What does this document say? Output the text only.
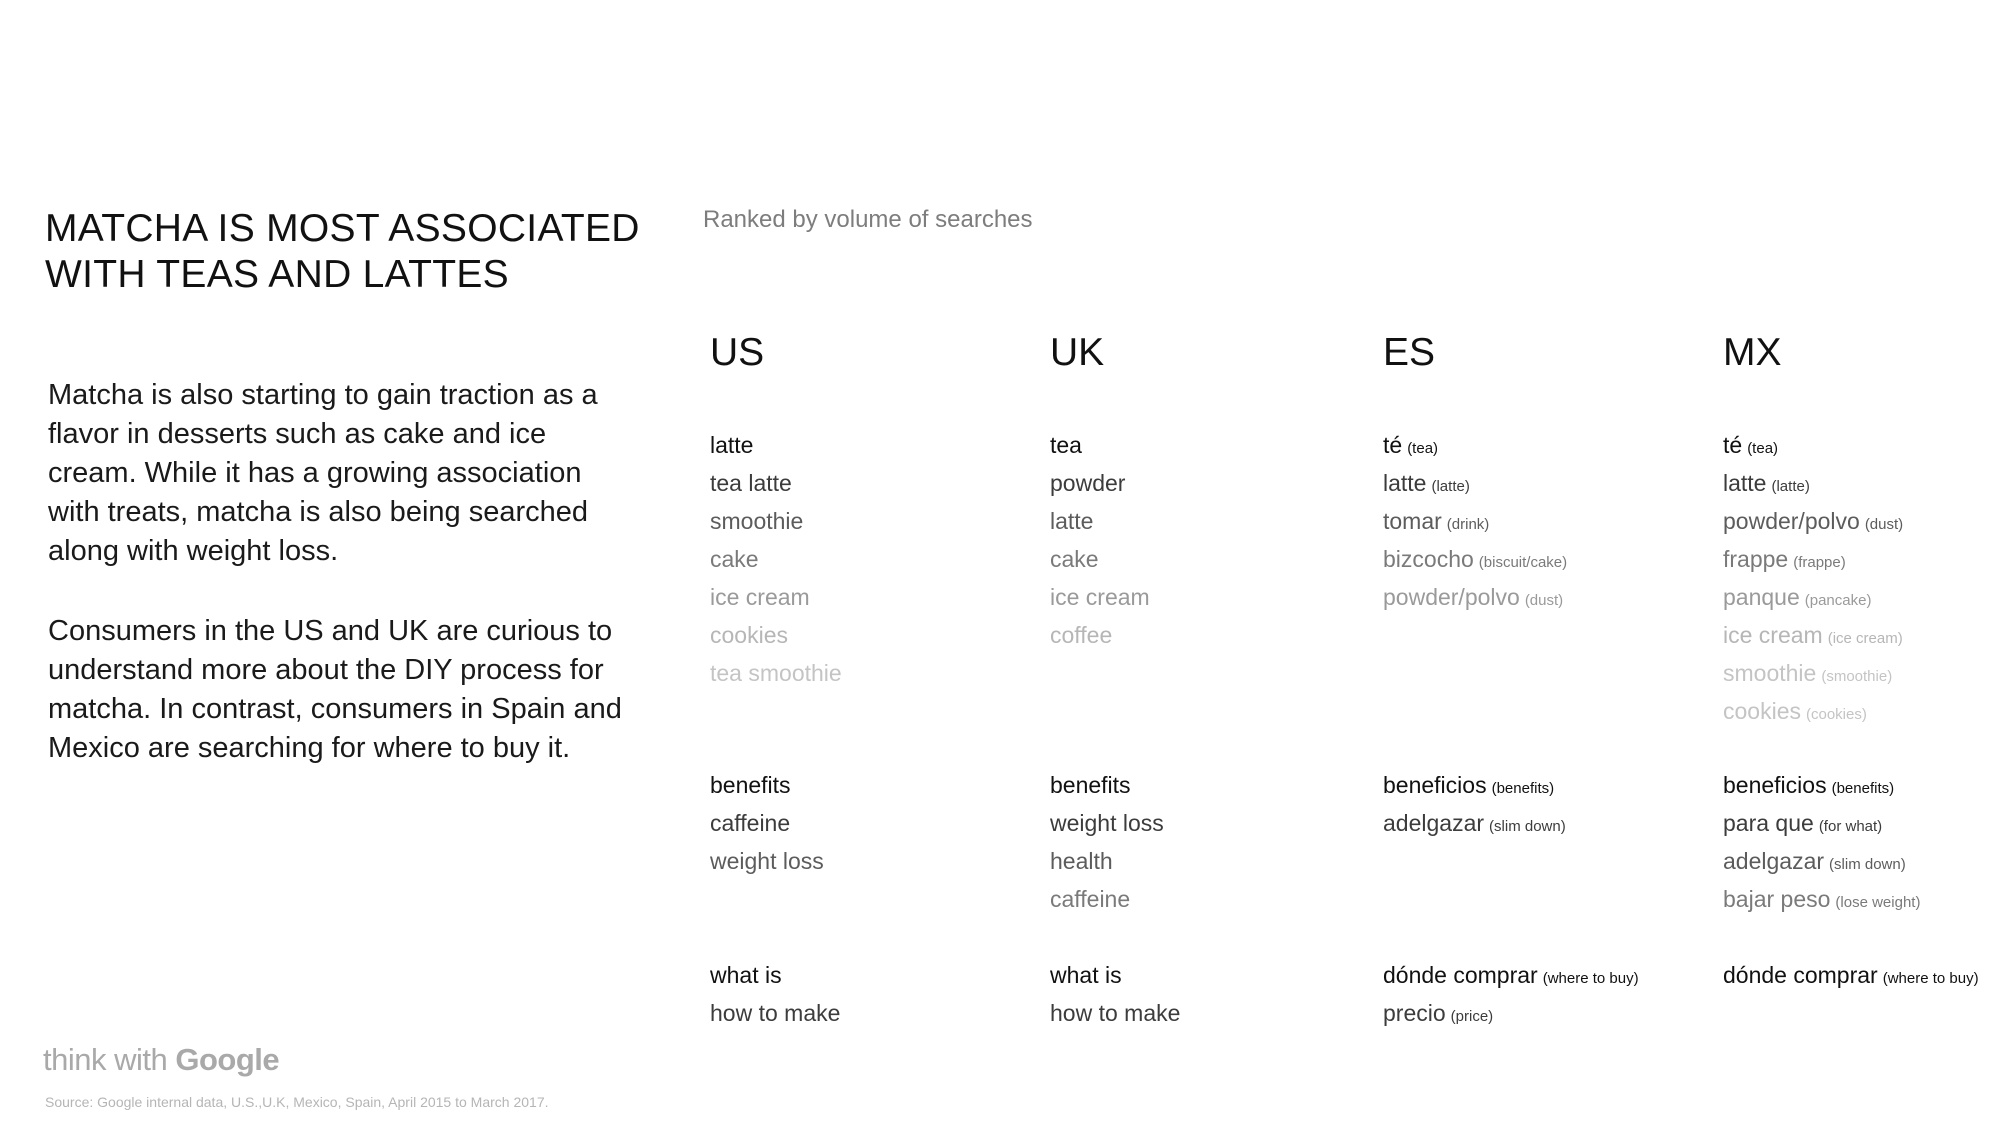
MATCHA IS MOST ASSOCIATED WITH TEAS AND LATTES
Ranked by volume of searches
Matcha is also starting to gain traction as a flavor in desserts such as cake and ice cream. While it has a growing association with treats, matcha is also being searched along with weight loss.
Consumers in the US and UK are curious to understand more about the DIY process for matcha. In contrast, consumers in Spain and Mexico are searching for where to buy it.
US
latte
tea latte
smoothie
cake
ice cream
cookies
tea smoothie
benefits
caffeine
weight loss
what is
how to make
UK
tea
powder
latte
cake
ice cream
coffee
benefits
weight loss
health
caffeine
what is
how to make
ES
té (tea)
latte (latte)
tomar (drink)
bizcocho (biscuit/cake)
powder/polvo (dust)
beneficios (benefits)
adelgazar (slim down)
dónde comprar (where to buy)
precio (price)
MX
té (tea)
latte (latte)
powder/polvo (dust)
frappe (frappe)
panque (pancake)
ice cream (ice cream)
smoothie (smoothie)
cookies (cookies)
beneficios (benefits)
para que (for what)
adelgazar (slim down)
bajar peso (lose weight)
dónde comprar (where to buy)
think with Google
Source: Google internal data, U.S.,U.K, Mexico, Spain, April 2015 to March 2017.
